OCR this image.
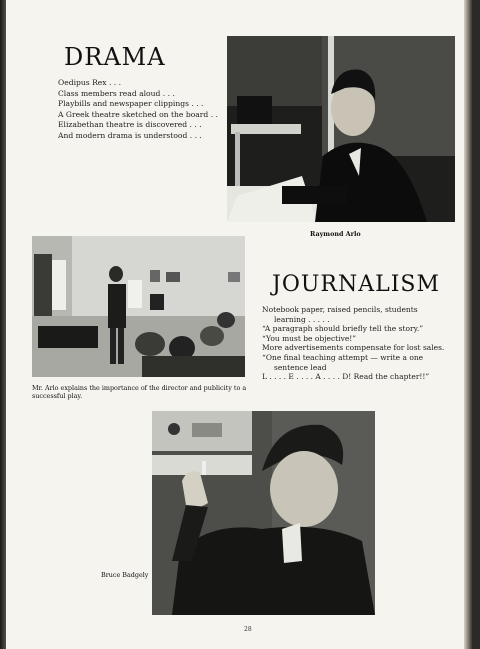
DRAMA
Oedipus Rex . . .
Class members read aloud . . .
Playbills and newspaper clippings . . .
A Greek theatre sketched on the board . .
Elizabethan theatre is discovered . . .
And modern drama is understood . . .
Raymond Arlo
Mr. Arlo explains the importance of the director and publicity to a successful play.
JOURNALISM
Notebook paper, raised pencils, students
learning . . . . .
“A paragraph should briefly tell the story.”
“You must be objective!”
More advertisements compensate for lost sales.
“One final teaching attempt — write a one
sentence lead
L . . . . E . . . . A . . . . D! Read the chapter!!”
Bruce Badgely
28
